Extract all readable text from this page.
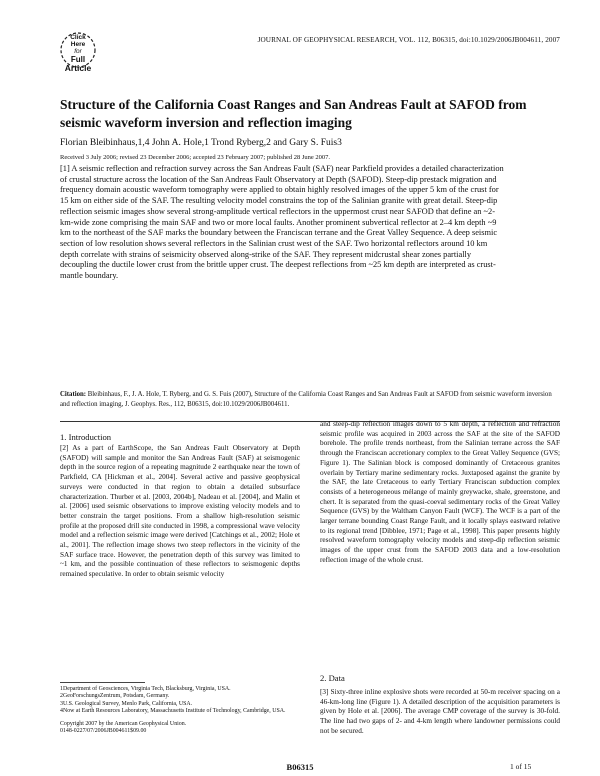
Click
Here
for
Full
Article
JOURNAL OF GEOPHYSICAL RESEARCH, VOL. 112, B06315, doi:10.1029/2006JB004611, 2007
Structure of the California Coast Ranges and San Andreas Fault at SAFOD from seismic waveform inversion and reflection imaging
Florian Bleibinhaus,1,4 John A. Hole,1 Trond Ryberg,2 and Gary S. Fuis3
Received 3 July 2006; revised 23 December 2006; accepted 23 February 2007; published 28 June 2007.

[1] A seismic reflection and refraction survey across the San Andreas Fault (SAF) near Parkfield provides a detailed characterization of crustal structure across the location of the San Andreas Fault Observatory at Depth (SAFOD). Steep-dip prestack migration and frequency domain acoustic waveform tomography were applied to obtain highly resolved images of the upper 5 km of the crust for 15 km on either side of the SAF. The resulting velocity model constrains the top of the Salinian granite with great detail. Steep-dip reflection seismic images show several strong-amplitude vertical reflectors in the uppermost crust near SAFOD that define an ~2-km-wide zone comprising the main SAF and two or more local faults. Another prominent subvertical reflector at 2–4 km depth ~9 km to the northeast of the SAF marks the boundary between the Franciscan terrane and the Great Valley Sequence. A deep seismic section of low resolution shows several reflectors in the Salinian crust west of the SAF. Two horizontal reflectors around 10 km depth correlate with strains of seismicity observed along-strike of the SAF. They represent midcrustal shear zones partially decoupling the ductile lower crust from the brittle upper crust. The deepest reflections from ~25 km depth are interpreted as crust-mantle boundary.

Citation: Bleibinhaus, F., J. A. Hole, T. Ryberg, and G. S. Fuis (2007), Structure of the California Coast Ranges and San Andreas Fault at SAFOD from seismic waveform inversion and reflection imaging, J. Geophys. Res., 112, B06315, doi:10.1029/2006JB004611.
1. Introduction

[2] As a part of EarthScope, the San Andreas Fault Observatory at Depth (SAFOD) will sample and monitor the San Andreas Fault (SAF) at seismogenic depth in the source region of a repeating magnitude 2 earthquake near the town of Parkfield, CA [Hickman et al., 2004]. Several active and passive geophysical surveys were conducted in that region to obtain a detailed subsurface characterization. Thurber et al. [2003, 2004b], Nadeau et al. [2004], and Malin et al. [2006] used seismic observations to improve existing velocity models and to better constrain the target positions. From a shallow high-resolution seismic profile at the proposed drill site conducted in 1998, a compressional wave velocity model and a reflection seismic image were derived [Catchings et al., 2002; Hole et al., 2001]. The reflection image shows two steep reflectors in the vicinity of the SAF surface trace. However, the penetration depth of this survey was limited to ~1 km, and the possible continuation of these reflectors to seismogenic depths remained speculative. In order to obtain seismic velocity

and steep-dip reflection images down to 5 km depth, a reflection and refraction seismic profile was acquired in 2003 across the SAF at the site of the SAFOD borehole. The profile trends northeast, from the Salinian terrane across the SAF through the Franciscan accretionary complex to the Great Valley Sequence (GVS; Figure 1). The Salinian block is composed dominantly of Cretaceous granites overlain by Tertiary marine sedimentary rocks. Juxtaposed against the granite by the SAF, the late Cretaceous to early Tertiary Franciscan subduction complex consists of a heterogeneous mélange of mainly greywacke, shale, greenstone, and chert. It is separated from the quasi-coeval sedimentary rocks of the Great Valley Sequence (GVS) by the Waltham Canyon Fault (WCF). The WCF is a part of the larger terrane bounding Coast Range Fault, and it locally splays eastward relative to its regional trend [Dibblee, 1971; Page et al., 1998]. This paper presents highly resolved waveform tomography velocity models and steep-dip reflection seismic images of the upper crust from the SAFOD 2003 data and a low-resolution reflection image of the whole crust.

2. Data

[3] Sixty-three inline explosive shots were recorded at 50-m receiver spacing on a 46-km-long line (Figure 1). A detailed description of the acquisition parameters is given by Hole et al. [2006]. The average CMP coverage of the survey is 30-fold. The line had two gaps of 2- and 4-km length where landowner permissions could not be secured.

1Department of Geosciences, Virginia Tech, Blacksburg, Virginia, USA.
2GeoForschungsZentrum, Potsdam, Germany.
3U.S. Geological Survey, Menlo Park, California, USA.
4Now at Earth Resources Laboratory, Massachusetts Institute of Technology, Cambridge, USA.
Copyright 2007 by the American Geophysical Union.
0148-0227/07/2006JB004611$09.00
B06315	1 of 15
